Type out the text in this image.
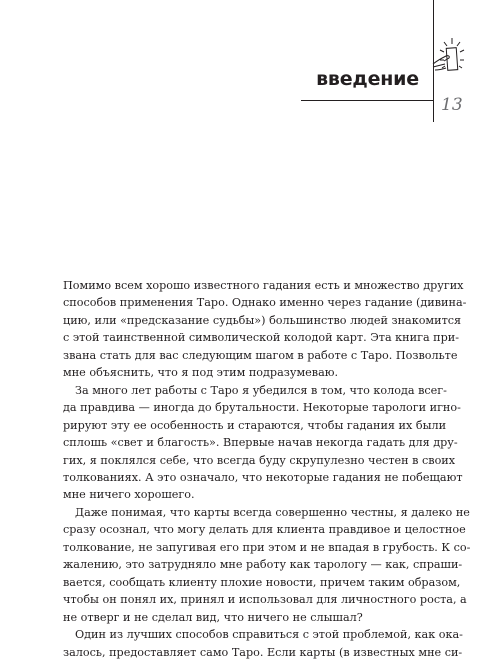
введение
13
Помимо всем хорошо известного гадания есть и множество других
способов применения Таро. Однако именно через гадание (дивина-
цию, или «предсказание судьбы») большинство людей знакомится
с этой таинственной символической колодой карт. Эта книга при-
звана стать для вас следующим шагом в работе с Таро. Позвольте
мне объяснить, что я под этим подразумеваю.
За много лет работы с Таро я убедился в том, что колода всег-
да правдива — иногда до брутальности. Некоторые тарологи игно-
рируют эту ее особенность и стараются, чтобы гадания их были
сплошь «свет и благость». Впервые начав некогда гадать для дру-
гих, я поклялся себе, что всегда буду скрупулезно честен в своих
толкованиях. А это означало, что некоторые гадания не побещают
мне ничего хорошего.
Даже понимая, что карты всегда совершенно честны, я далеко не
сразу осознал, что могу делать для клиента правдивое и целостное
толкование, не запугивая его при этом и не впадая в грубость. К со-
жалению, это затрудняло мне работу как тарологу — как, спраши-
вается, сообщать клиенту плохие новости, причем таким образом,
чтобы он понял их, принял и использовал для личностного роста, а
не отверг и не сделал вид, что ничего не слышал?
Один из лучших способов справиться с этой проблемой, как ока-
залось, предоставляет само Таро. Если карты (в известных мне си-
